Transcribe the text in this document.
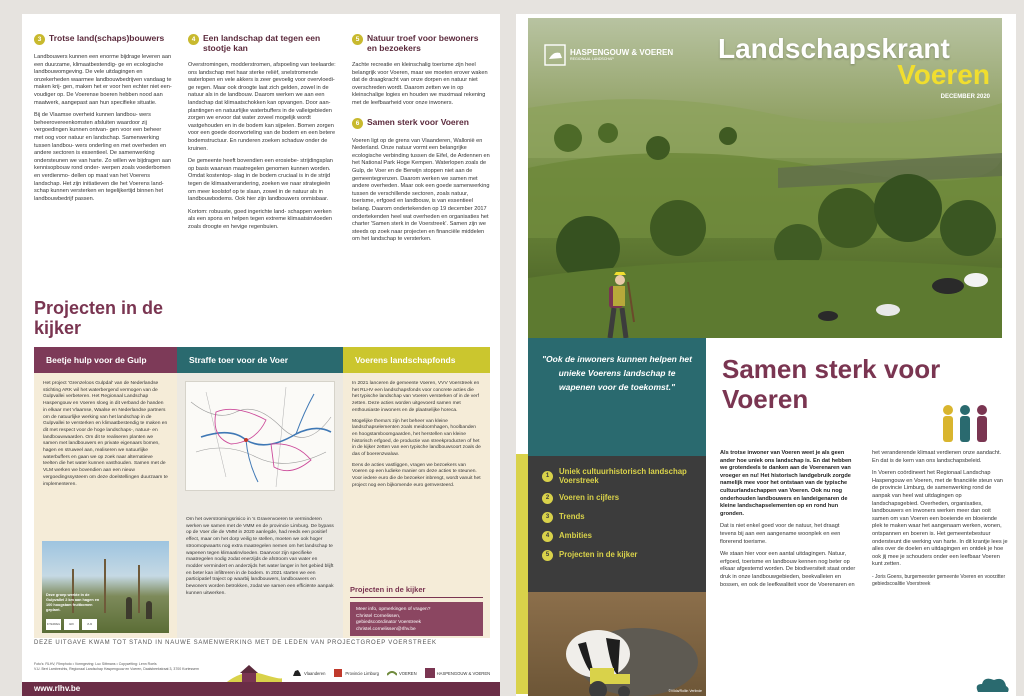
3 Trotse land(schaps)bouwers

Landbouwers kunnen een enorme bijdrage leveren aan een duurzame, klimaatbestendig- ge en ecologische landbouwomgeving. De vele uitdagingen en onzekerheden waarmee landbouwbedrijven vandaag te maken krij- gen, maken het er voor hen echter niet een- voudiger op. De Voerense boeren hebben nood aan maatwerk, aangepast aan hun specifieke situatie.

Bij de Vlaamse overheid kunnen landbou- wers beheerovereenkomsten afsluiten waardoor zij vergoedingen kunnen ontvan- gen voor een beheer met oog voor natuur en landschap. Samenwerking tussen landbou- wers onderling en met overheden en andere sectoren is essentieel. De samenwerking ondersteunen we van harte. Zo willen we bijdragen aan kennisopbouw rond onder- werpen zoals voederbomen en verdienmo- dellen op maat van het Voerens landschap. Het zijn initiatieven die het Voerens land- schap kunnen versterken en tegelijkertijd binnen het landbouwbedrijf passen.

4 Een landschap dat tegen een stootje kan

Overstromingen, modderstromen, afspoeling van teelaarde: ons landschap met haar sterke reliëf, snelstromende waterlopen en vele akkers is zeer gevoelig voor overvloedi- ge regen. Maar ook droogte laat zich gelden, zowel in de natuur als in de landbouw. Daarom werken we aan een landschap dat klimaatschokken kan opvangen. Door aan- plantingen en natuurlijke waterbuffers in de valleigebieden zorgen we ervoor dat water zoveel mogelijk wordt vastgehouden en in de bodem kan sijpelen. Bomen zorgen voor een goede doorworteling van de bodem en een betere bodemstructuur. En runderen zoeken schaduw onder de kruinen.

De gemeente heeft bovendien een erosiebe- strijdingsplan op basis waarvan maatregelen genomen kunnen worden. Omdat kostentop- slag in de bodem cruciaal is in de strijd tegen de klimaatverandering, zoeken we naar strategieën om meer koolstof op te slaan, zowel in de natuur als in landbouwbodems. Ook hier zijn landbouwers onmisbaar.

Kortom: robuuste, goed ingerichte land- schappen werken als een spons en helpen tegen extreme klimaatsinvloeden zoals droogte en hevige regenbuien.

5 Natuur troef voor bewoners en bezoekers

Zachte recreatie en kleinschalig toerisme zijn heel belangrijk voor Voeren, maar we moeten erover waken dat de draagkracht van onze dorpen en natuur niet overschreden wordt. Daarom zetten we in op kleinschalige logies en houden we maximaal rekening met de leefbaarheid voor onze inwoners.

6 Samen sterk voor Voeren

Voeren ligt op de grens van Vlaanderen, Wallonië en Nederland. Onze natuur vormt een belangrijke ecologische verbinding tussen de Eifel, de Ardennen en het National Park Hoge Kempen. Waterlopen zoals de Gulp, de Voer en de Berwijn stoppen niet aan de gemeentegrenzen. Daarom werken we samen met andere overheden. Maar ook een goede samenwerking tussen de verschillende sectoren, zoals natuur, toerisme, erfgoed en landbouw, is van essentieel belang. Daarom ondertekenden op 19 december 2017 ondertekenden heel wat overheden en organisaties het charter 'Samen sterk in de Voerstreek'. Samen zijn we steeds op zoek naar projecten en financiële middelen om het landschap te versterken.

Projecten in de kijker
Beetje hulp voor de Gulp	Straffe toer voor de Voer	Voerens landschapfonds

Het project 'Grenzeloos Gulpdal' van de Nederlandse stichting ARK wil het waterbergend vermogen van de Gulpvallei verbeteren. Het Regionaal Landschap Haspengouw en Voeren sloeg in dit verband de handen in elkaar met Vlaamse, Waalse en Nederlandse partners om de natuurlijke werking van het landschap in de Gulpvallei te versterken en klimaatbestendig te maken en dit met respect voor de hoge landschaps-, natuur- en landbouwwaarden. Om dit te realiseren planten we samen met landbouwers en private eigenaars bomen, hagen en struweel aan, realiseren we natuurlijke waterbuffers en gaan we op zoek naar alternatieve teelten die het water kunnen vasthouden. Samen met de VLM werken we bovendien aan een nieuw vergoedingssysteem om deze doelstellingen duurzaam te implementeren.

Deze groep werkte in de Gulpvallei 2 km aan hagen en 100 hoogstam fruitbomen geplant.
INTERREG	ARK	VLM

Om het overstromingsrisico in 's Gravenvoeren te verminderen werken we samen met de VMM en de provincie Limburg. De bypass op de Voer die de VMM in 2020 aanlegde, had reeds een positief effect, maar om het dorp veilig te stellen, moeten we ook hoger stroomopwaarts nog extra maatregelen nemen om het landschap te wapenen tegen klimaatinvloeden. Daarvoor zijn specifieke maatregelen nodig zodat enerzijds de afstroom van water en modder vermindert en anderzijds het water langer in het gebied blijft en beter kan infiltreren in de bodem. In 2021 starten we een participatief traject op waarbij landbouwers, landbouwers en bewoners worden betrokken, zodat we samen een efficiënte aanpak kunnen uitwerken.

In 2021 lanceren de gemeente Voeren, VVV Voerstreek en het RLHV een landschapsfonds voor concrete acties die het typische landschap van Voeren versterken of in de verf zetten. Deze acties worden uitgevoerd samen met enthousiaste inwoners en de plaatselijke horeca.

Mogelijke thema's zijn het beheer van kleine landschapselementen zoals meidoornhagen, hoolbanden en hoogstamboomgaarden, het herstellen van kleine historisch erfgoed, de productie van streekproducten of het in de kijker zetten van een typische landbouwsoort zoals de das of boerenzwaluw.

Eens de acties vastliggen, vragen we bezoekers van Voeren op een ludieke manier om deze acties te steunen. Voor iedere euro die de bezoeker inbrengt, wordt vanuit het project nog een bijkomende euro geïnvesteerd.

Projecten in de kijker
Meer info, opmerkingen of vragen?
Christel Cornelissen,
gebiedscoördinator Voerstreek
christel.cornelissen@rlhv.be
DEZE UITGAVE KWAM TOT STAND IN NAUWE SAMENWERKING MET DE LEDEN VAN PROJECTGROEP VOERSTREEK
Foto's: RLHV, Filmphoto • Vormgeving: Luc Sittmans • Copywriting: Lenn Roels
V.U. Bert Lambrechts, Regionaal Landschap Haspengouw en Voeren, Daalsbeekstraat 3, 3700 Kortessem
Vlaanderen	Provincie Limburg	VOEREN	HASPENGOUW & VOEREN
www.rlhv.be
HASPENGOUW & VOEREN
REGIONAAL LANDSCHAP	Landschapskrant
Voeren
DECEMBER 2020
"Ook de inwoners kunnen helpen het unieke Voerens landschap te wapenen voor de toekomst."
1
Uniek cultuurhistorisch landschap Voerstreek
2	Voeren in cijfers
3	Trends
4	Ambities
5	Projecten in de kijker
©Vilda/Rollin Verlinde
Samen sterk voor Voeren

Als trotse inwoner van Voeren weet je als geen ander hoe uniek ons landschap is. En dat hebben we grotendeels te danken aan de Voerenaren van vroeger en nu! Het historisch landgebruik zorgde namelijk mee voor het ontstaan van de typische cultuurlandschappen van Voeren. Ook nu nog onderhouden landbouwers en landeigenaren de kleine landschapselementen op en rond hun gronden.

Dat is niet enkel goed voor de natuur, het draagt tevens bij aan een aangename woonplek en een florerend toerisme.

We staan hier voor een aantal uitdagingen. Natuur, erfgoed, toerisme en landbouw kennen nog beter op elkaar afgestemd worden. De biodiversiteit staat onder druk in onze landbouwgebieden, beekvalleien en bossen, en ook de leefkwaliteit voor de Voerenaren en

het veranderende klimaat verdienen onze aandacht. En dat is de kern van ons landschapsbeleid.

In Voeren coördineert het Regionaal Landschap Haspengouw en Voeren, met de financiële steun van de provincie Limburg, de samenwerking rond de aanpak van heel wat uitdagingen op landschapsgebied. Overheden, organisaties, landbouwers en inwoners werken meer dan ooit samen om van Voeren een boeiende en bloeiende plek te maken waar het aangenaam werken, wonen, ontspannen en boeren is. Het gemeentebestuur ondersteunt die werking van harte. In dit krantje lees je alles over de doelen en uitdagingen en ontdek je hoe ook jij mee je schouders onder een leefbaar Voeren kunt zetten.

- Joris Goens, burgemeester gemeente Voeren en voorzitter gebiedscoalitie Voerstreek
